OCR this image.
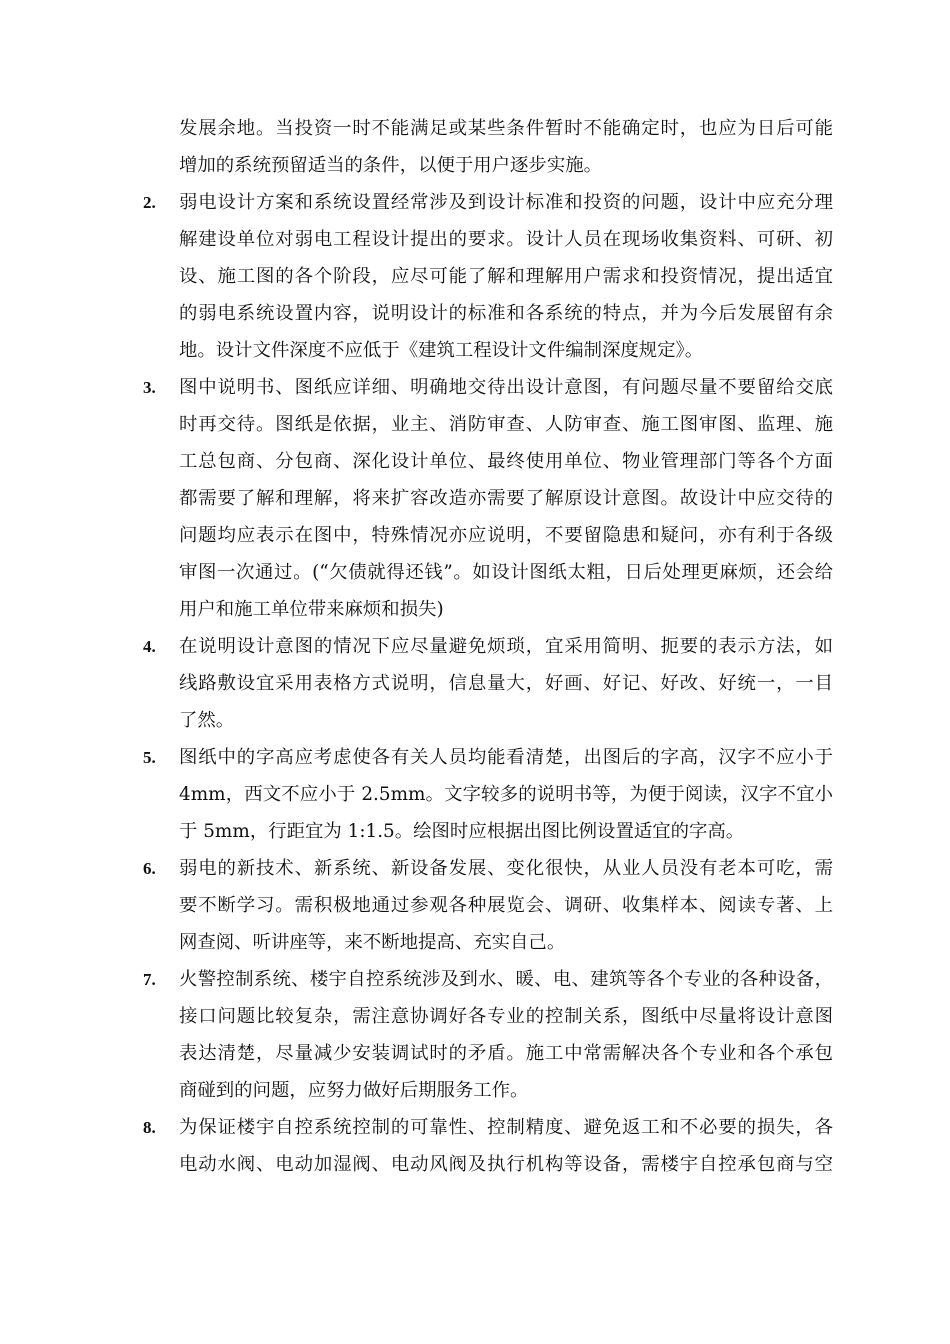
发展余地。当投资一时不能满足或某些条件暂时不能确定时，也应为日后可能
增加的系统预留适当的条件，以便于用户逐步实施。
2.	弱电设计方案和系统设置经常涉及到设计标准和投资的问题，设计中应充分理
解建设单位对弱电工程设计提出的要求。设计人员在现场收集资料、可研、初
设、施工图的各个阶段，应尽可能了解和理解用户需求和投资情况，提出适宜
的弱电系统设置内容，说明设计的标准和各系统的特点，并为今后发展留有余
地。设计文件深度不应低于《建筑工程设计文件编制深度规定》。
3.	图中说明书、图纸应详细、明确地交待出设计意图，有问题尽量不要留给交底
时再交待。图纸是依据，业主、消防审查、人防审查、施工图审图、监理、施
工总包商、分包商、深化设计单位、最终使用单位、物业管理部门等各个方面
都需要了解和理解，将来扩容改造亦需要了解原设计意图。故设计中应交待的
问题均应表示在图中，特殊情况亦应说明，不要留隐患和疑问，亦有利于各级
审图一次通过。(“欠债就得还钱”。如设计图纸太粗，日后处理更麻烦，还会给
用户和施工单位带来麻烦和损失)
4.	在说明设计意图的情况下应尽量避免烦琐，宜采用简明、扼要的表示方法，如
线路敷设宜采用表格方式说明，信息量大，好画、好记、好改、好统一，一目
了然。
5.	图纸中的字高应考虑使各有关人员均能看清楚，出图后的字高，汉字不应小于
4mm，西文不应小于 2.5mm。文字较多的说明书等，为便于阅读，汉字不宜小
于 5mm，行距宜为 1:1.5。绘图时应根据出图比例设置适宜的字高。
6.	弱电的新技术、新系统、新设备发展、变化很快，从业人员没有老本可吃，需
要不断学习。需积极地通过参观各种展览会、调研、收集样本、阅读专著、上
网查阅、听讲座等，来不断地提高、充实自己。
7.	火警控制系统、楼宇自控系统涉及到水、暖、电、建筑等各个专业的各种设备，
接口问题比较复杂，需注意协调好各专业的控制关系，图纸中尽量将设计意图
表达清楚，尽量减少安装调试时的矛盾。施工中常需解决各个专业和各个承包
商碰到的问题，应努力做好后期服务工作。
8.	为保证楼宇自控系统控制的可靠性、控制精度、避免返工和不必要的损失，各
电动水阀、电动加湿阀、电动风阀及执行机构等设备，需楼宇自控承包商与空
